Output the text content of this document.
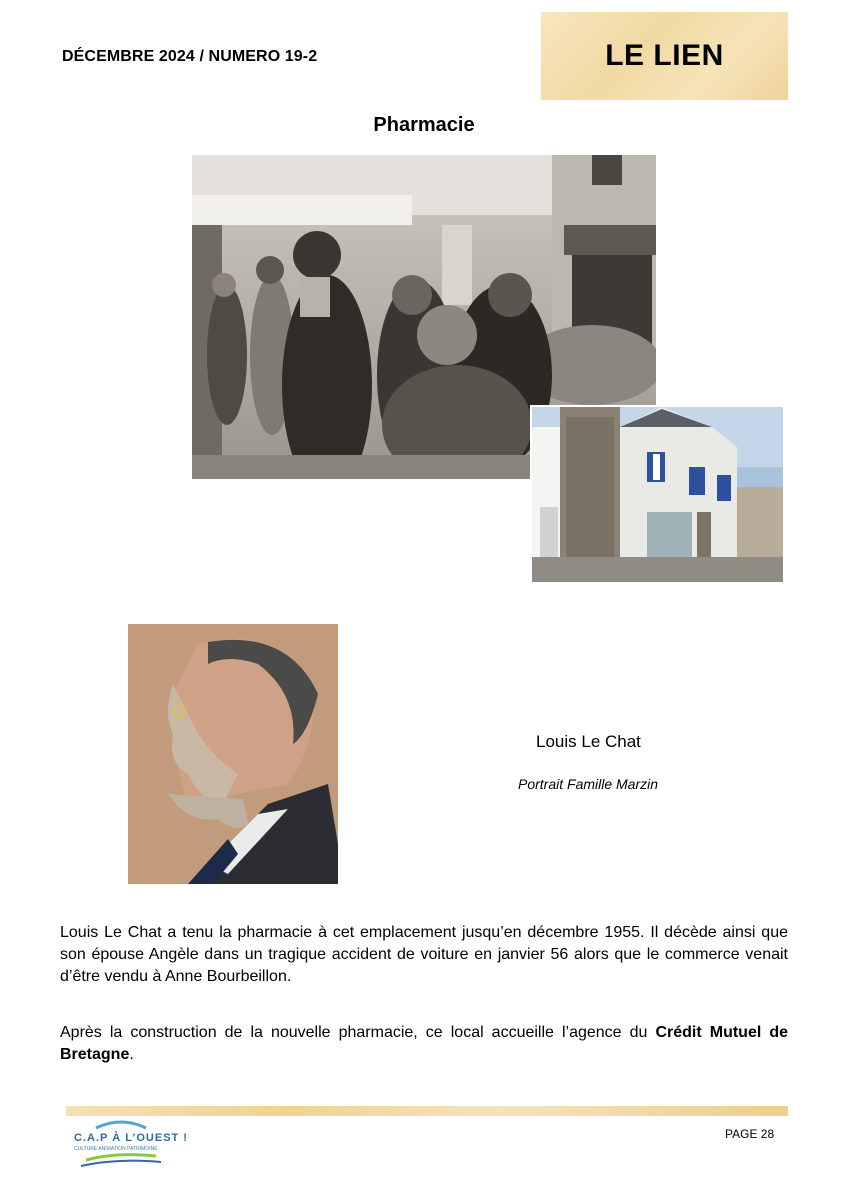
DÉCEMBRE 2024 / NUMERO 19-2	LE LIEN
Pharmacie
Louis Le Chat
Portrait Famille Marzin

Louis Le Chat a tenu la pharmacie à cet emplacement jusqu’en décembre 1955. Il décède ainsi que son épouse Angèle dans un tragique accident de voiture en janvier 56 alors que le commerce venait d’être vendu à Anne Bourbeillon.

Après la construction de la nouvelle pharmacie, ce local accueille l’agence du Crédit Mutuel de Bretagne.

C.A.P À L’OUEST !
CULTURE ANIMATION PATRIMOINE
PAGE 28
